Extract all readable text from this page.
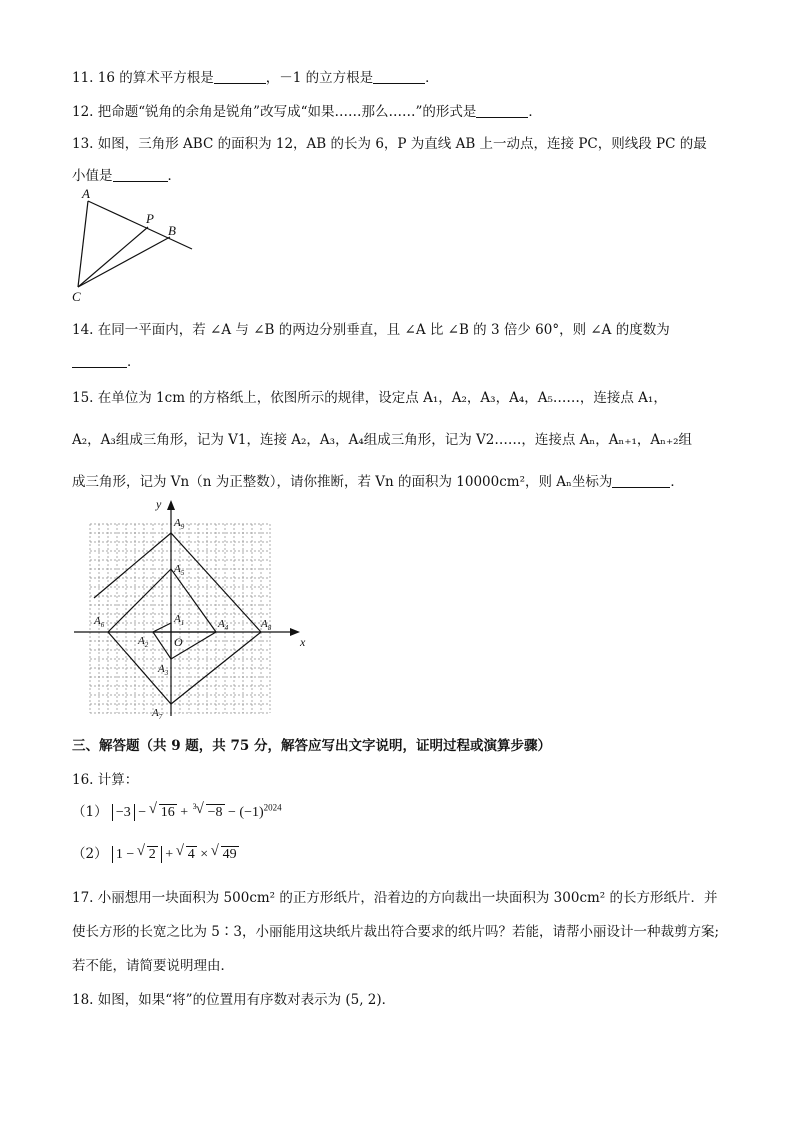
11. 16 的算术平方根是	，－1 的立方根是	．
12. 把命题“锐角的余角是锐角”改写成“如果……那么……”的形式是	．
13. 如图，三角形 ABC 的面积为 12，AB 的长为 6，P 为直线 AB 上一动点，连接 PC，则线段 PC 的最
小值是	．
A
P
B
C
14. 在同一平面内，若 ∠A 与 ∠B 的两边分别垂直，且 ∠A 比 ∠B 的 3 倍少 60°，则 ∠A 的度数为
．
15. 在单位为 1cm 的方格纸上，依图所示的规律，设定点 A₁，A₂，A₃，A₄，A₅……，连接点 A₁，
A₂，A₃组成三角形，记为 V1，连接 A₂，A₃，A₄组成三角形，记为 V2……，连接点 Aₙ，Aₙ₊₁，Aₙ₊₂组
成三角形，记为 Vn（n 为正整数），请你推断，若 Vn 的面积为 10000cm²，则 Aₙ坐标为	．
x
y
O
$A_1$
$A_2$
$A_3$
$A_4$
$A_5$
$A_6$
$A_7$
$A_8$
$A_9$
三、解答题（共 9 题，共 75 分，解答应写出文字说明，证明过程或演算步骤）
16. 计算：
（1） −3 − √ 16 +
√ $3 -8 - (-1)^{2024}$
（2） 1 − √ 2 + √ 4 × √ 49
17. 小丽想用一块面积为 500cm² 的正方形纸片，沿着边的方向裁出一块面积为 300cm² 的长方形纸片．并
使长方形的长宽之比为 5∶3，小丽能用这块纸片裁出符合要求的纸片吗？若能，请帮小丽设计一种裁剪方案;
若不能，请简要说明理由．
18. 如图，如果“将”的位置用有序数对表示为 (5, 2)．
